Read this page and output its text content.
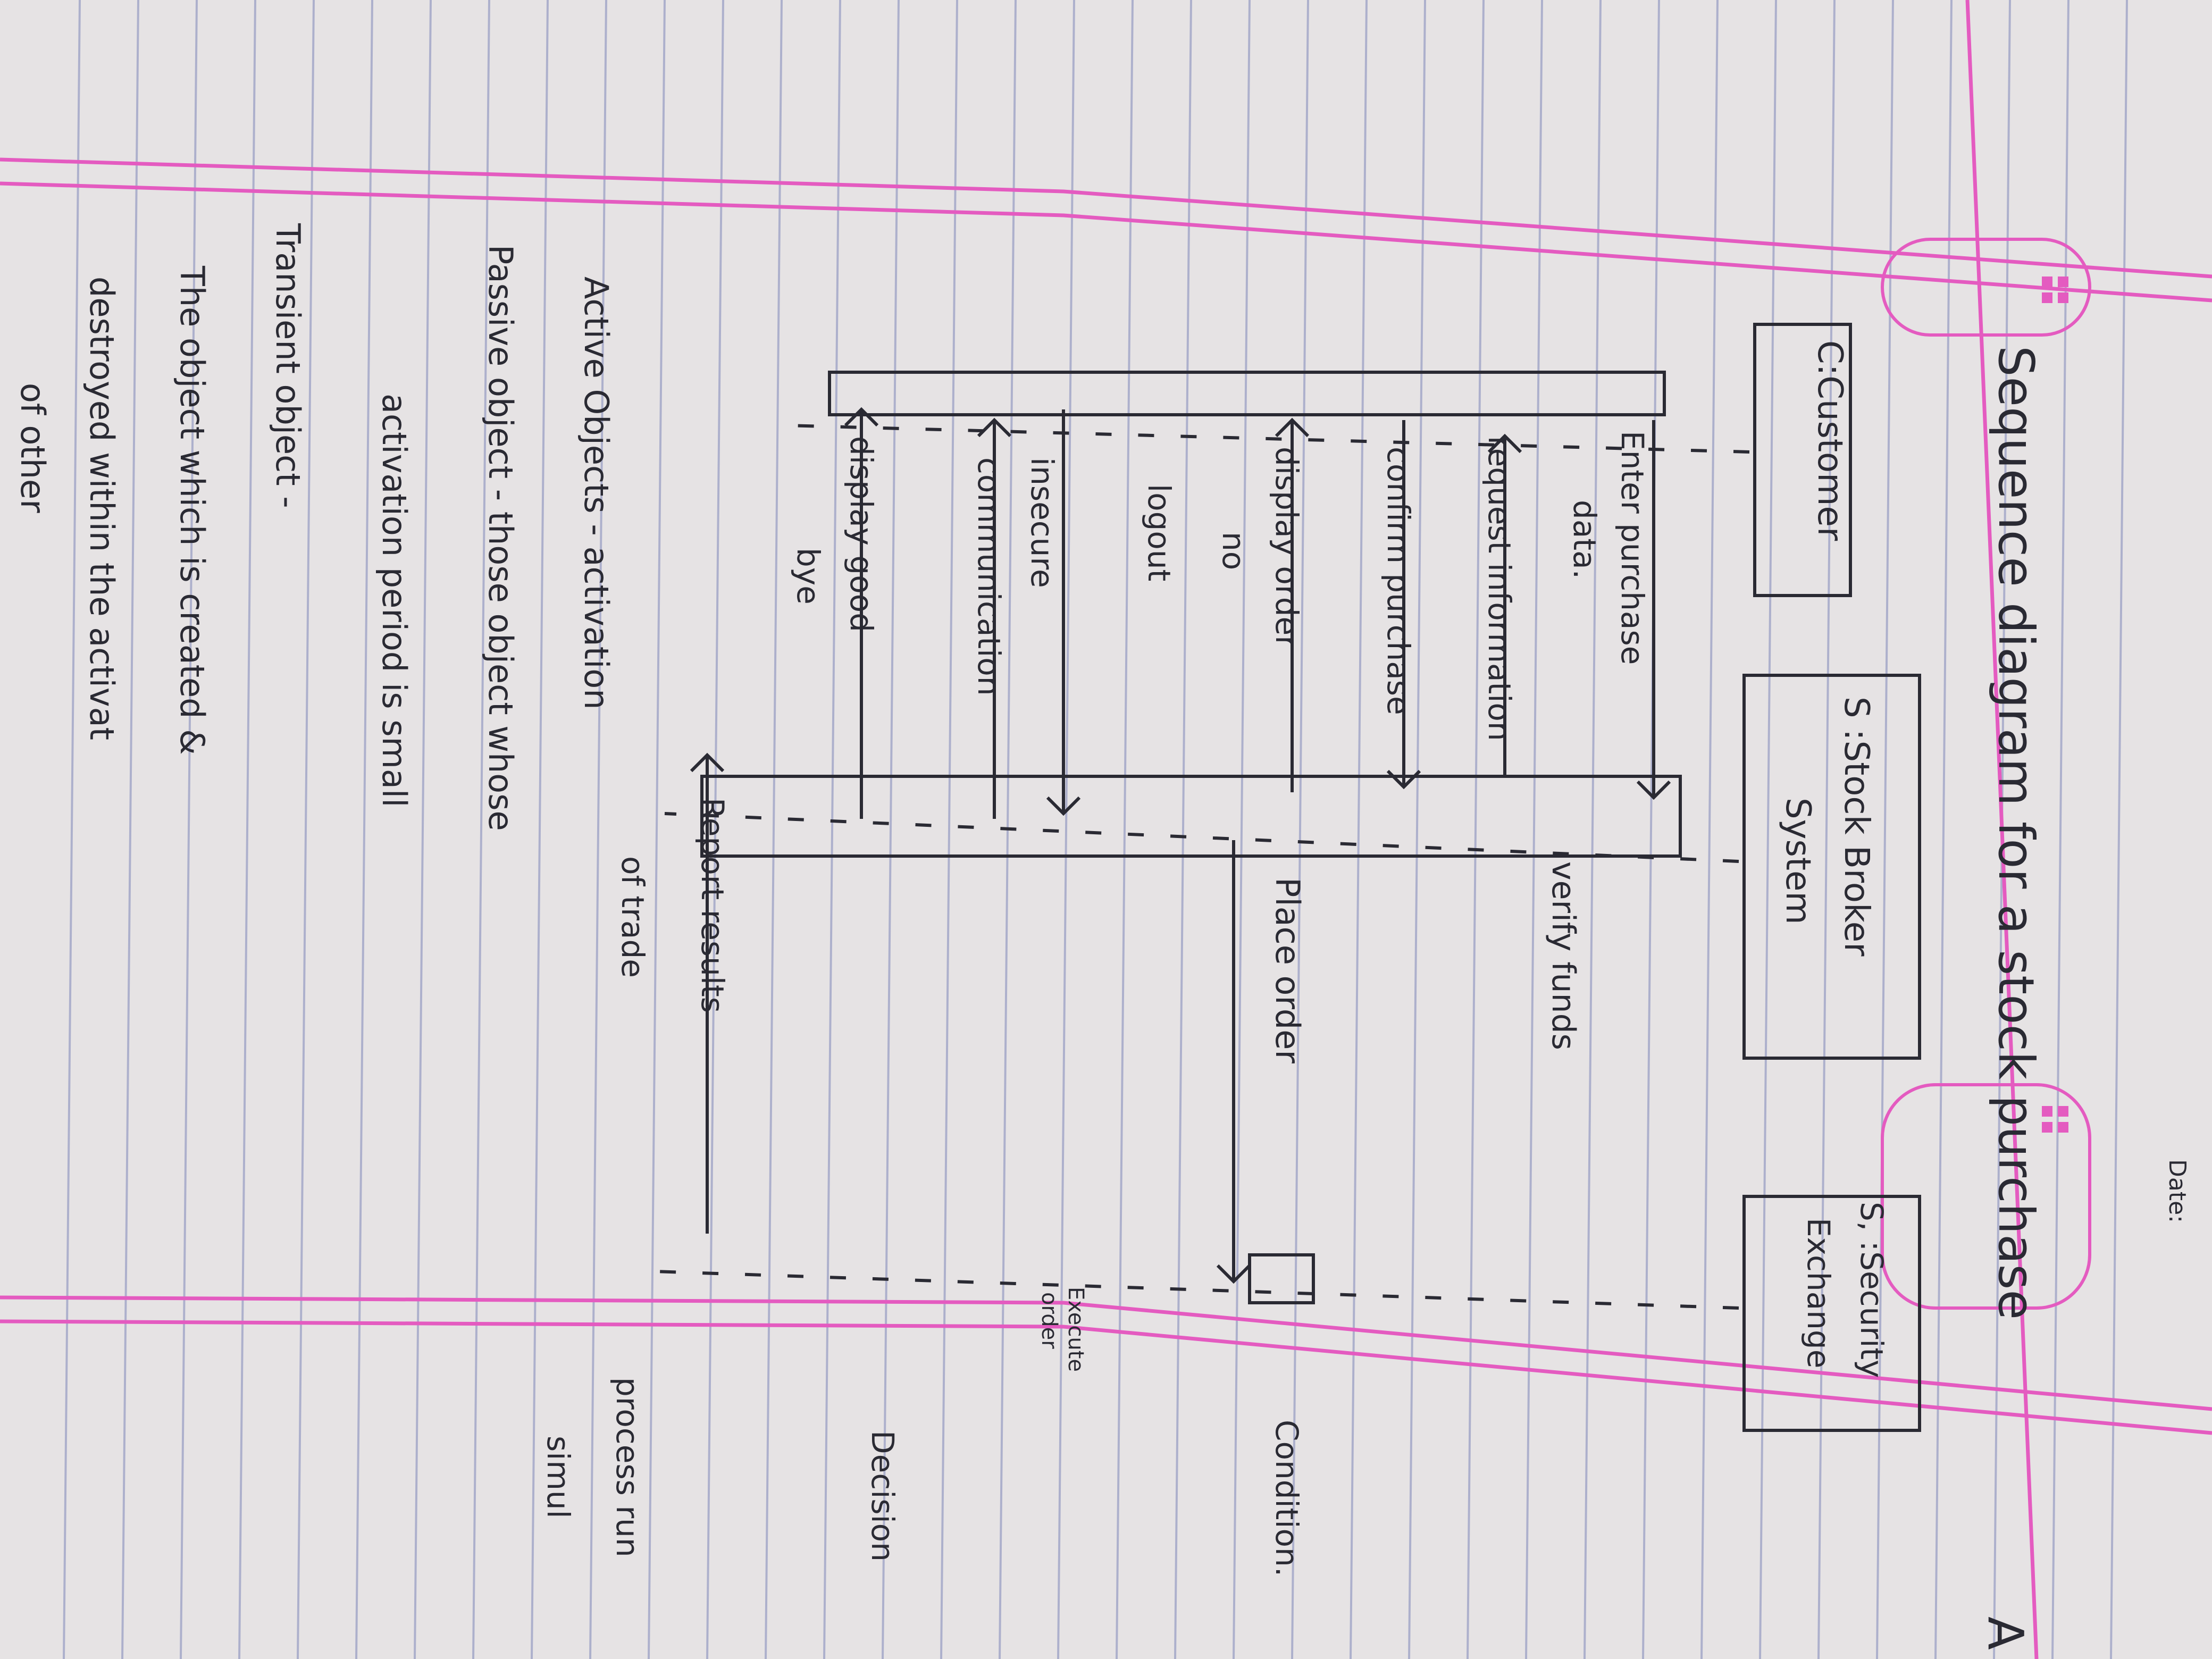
Date:
Sequence diagram for a stock purchase
A
C:Customer
S :Stock Broker
System
S, :Security
Exchange
Enter purchase
data.
verify funds
request information
confirm purchase
display order
no
Place order
Execute
order
logout
insecure
communication
display good
bye
Report results
of trade
Condition.
Decision
process run
simul
Active Objects - activation
Passive object - those object whose
activation period is small
Transient object -
The object which is created &
destroyed within the activat
of other
